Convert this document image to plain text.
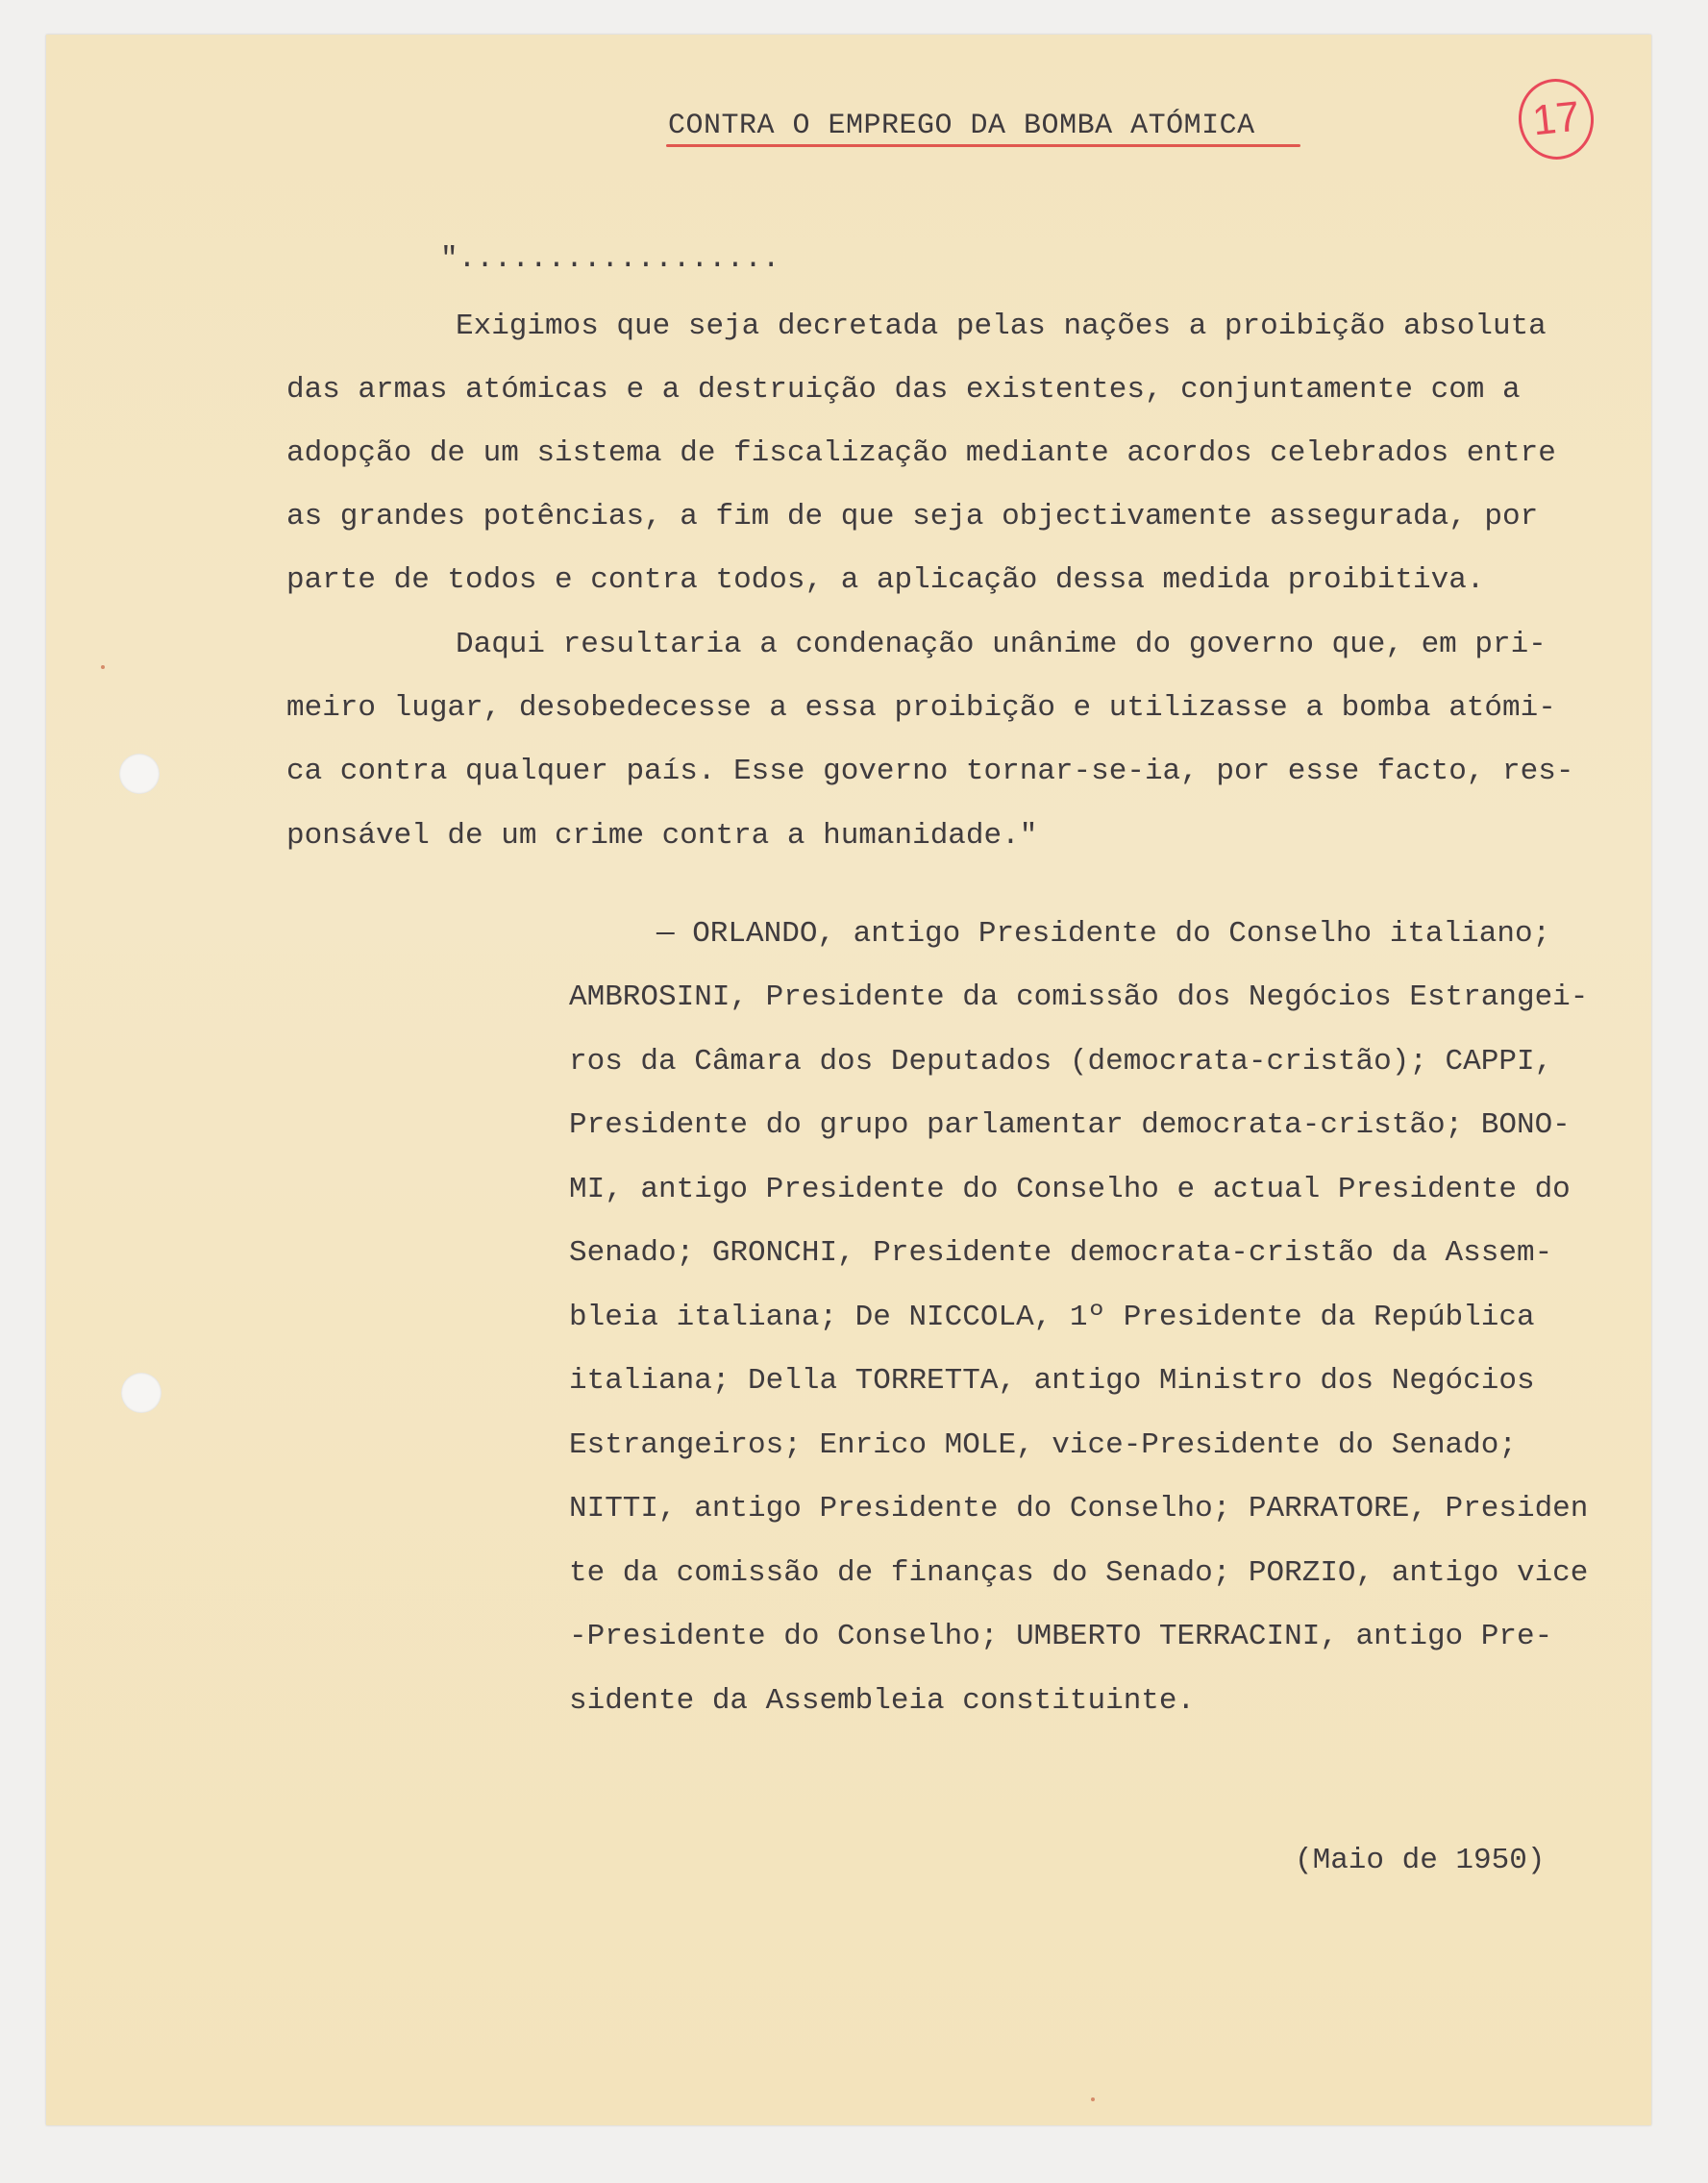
CONTRA O EMPREGO DA BOMBA ATÓMICA	17
"..................
Exigimos que seja decretada pelas nações a proibição absoluta
das armas atómicas e a destruição das existentes, conjuntamente com a
adopção de um sistema de fiscalização mediante acordos celebrados entre
as grandes potências, a fim de que seja objectivamente assegurada, por
parte de todos e contra todos, a aplicação dessa medida proibitiva.
Daqui resultaria a condenação unânime do governo que, em pri-
meiro lugar, desobedecesse a essa proibição e utilizasse a bomba atómi-
ca contra qualquer país. Esse governo tornar-se-ia, por esse facto, res-
ponsável de um crime contra a humanidade."
— ORLANDO, antigo Presidente do Conselho italiano;
AMBROSINI, Presidente da comissão dos Negócios Estrangei-
ros da Câmara dos Deputados (democrata-cristão); CAPPI,
Presidente do grupo parlamentar democrata-cristão; BONO-
MI, antigo Presidente do Conselho e actual Presidente do
Senado; GRONCHI, Presidente democrata-cristão da Assem-
bleia italiana; De NICCOLA, 1º Presidente da República
italiana; Della TORRETTA, antigo Ministro dos Negócios
Estrangeiros; Enrico MOLE, vice-Presidente do Senado;
NITTI, antigo Presidente do Conselho; PARRATORE, Presiden
te da comissão de finanças do Senado; PORZIO, antigo vice
-Presidente do Conselho; UMBERTO TERRACINI, antigo Pre-
sidente da Assembleia constituinte.
(Maio de 1950)
